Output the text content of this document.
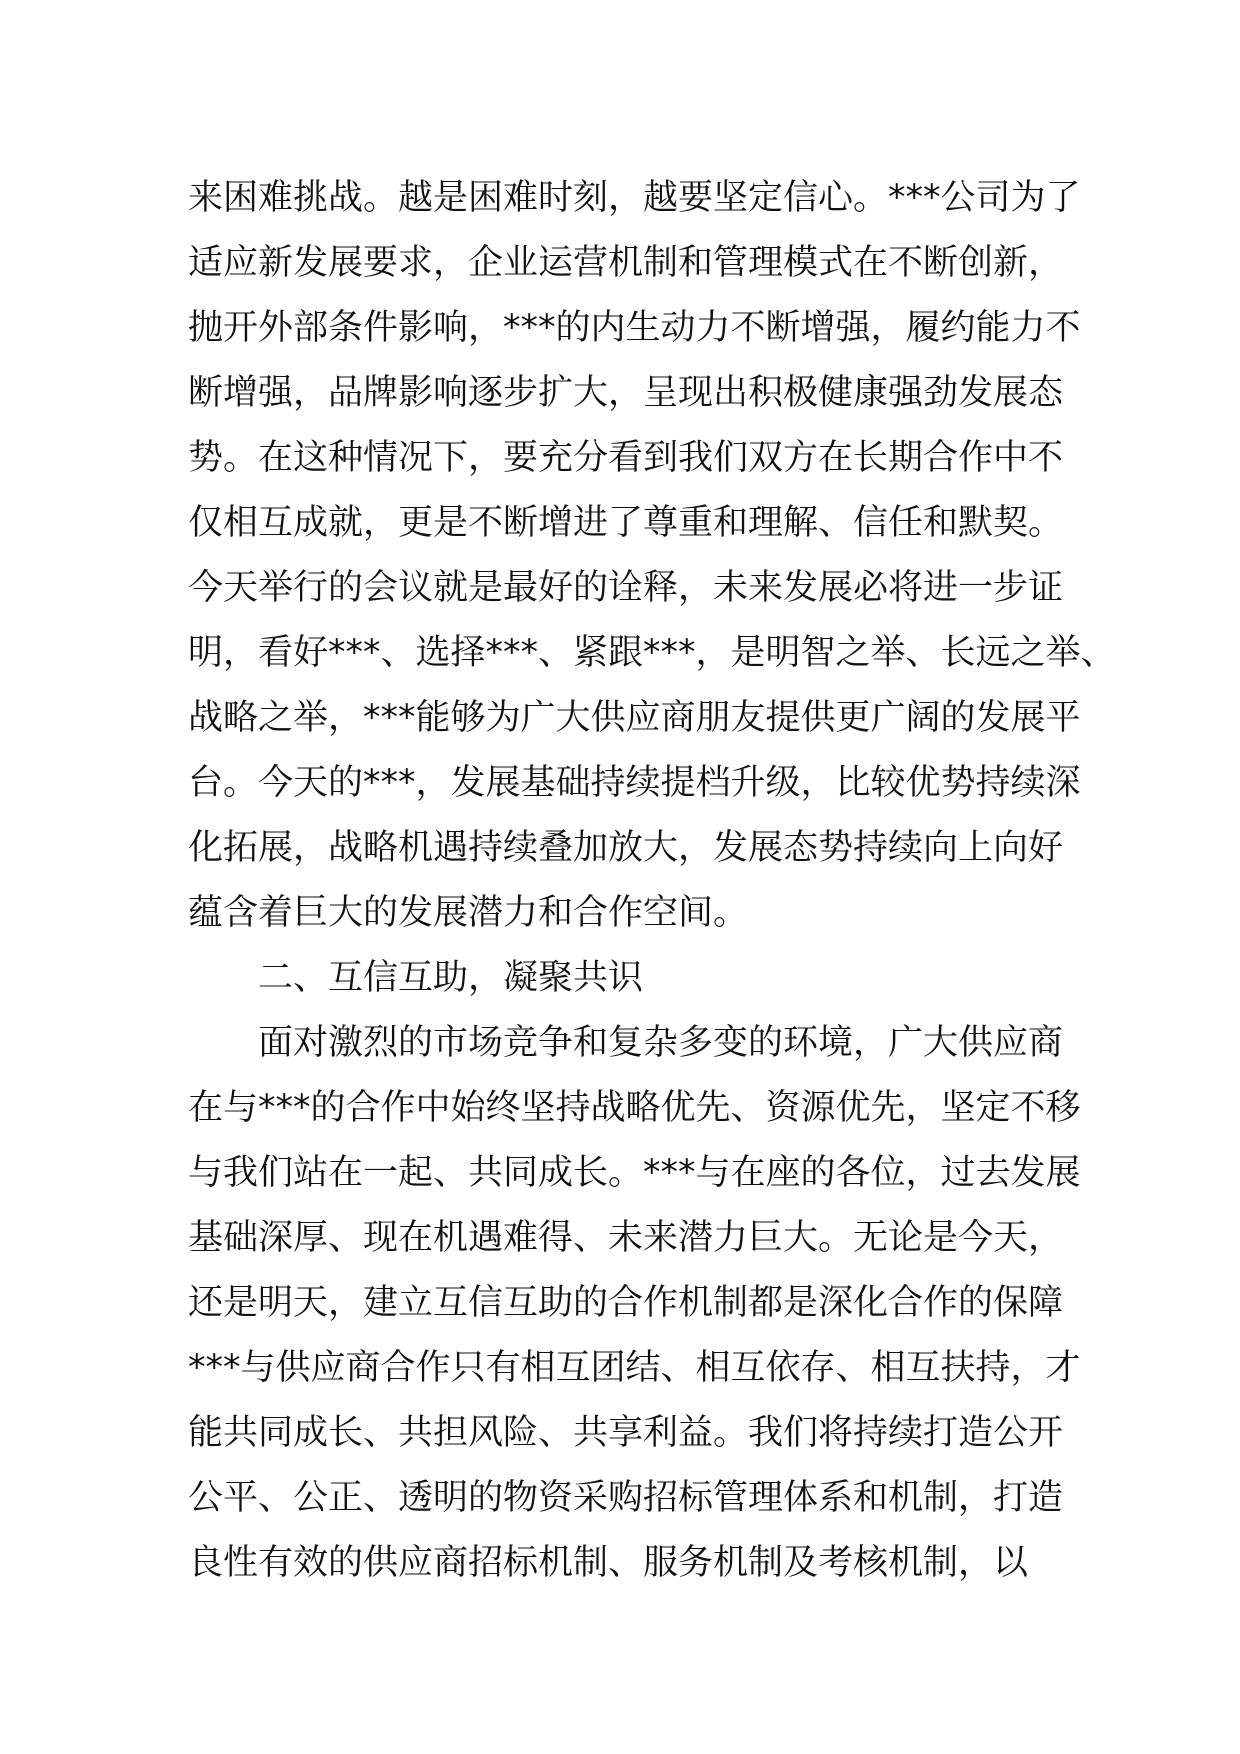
来困难挑战。越是困难时刻，越要坚定信心。***公司为了
适应新发展要求，企业运营机制和管理模式在不断创新，
抛开外部条件影响，***的内生动力不断增强，履约能力不
断增强，品牌影响逐步扩大，呈现出积极健康强劲发展态
势。在这种情况下，要充分看到我们双方在长期合作中不
仅相互成就，更是不断增进了尊重和理解、信任和默契。
今天举行的会议就是最好的诠释，未来发展必将进一步证
明，看好***、选择***、紧跟***，是明智之举、长远之举、
战略之举，***能够为广大供应商朋友提供更广阔的发展平
台。今天的***，发展基础持续提档升级，比较优势持续深
化拓展，战略机遇持续叠加放大，发展态势持续向上向好
蕴含着巨大的发展潜力和合作空间。
　　二、互信互助，凝聚共识
　　面对激烈的市场竞争和复杂多变的环境，广大供应商
在与***的合作中始终坚持战略优先、资源优先，坚定不移
与我们站在一起、共同成长。***与在座的各位，过去发展
基础深厚、现在机遇难得、未来潜力巨大。无论是今天，
还是明天，建立互信互助的合作机制都是深化合作的保障
***与供应商合作只有相互团结、相互依存、相互扶持，才
能共同成长、共担风险、共享利益。我们将持续打造公开
公平、公正、透明的物资采购招标管理体系和机制，打造
良性有效的供应商招标机制、服务机制及考核机制，以
